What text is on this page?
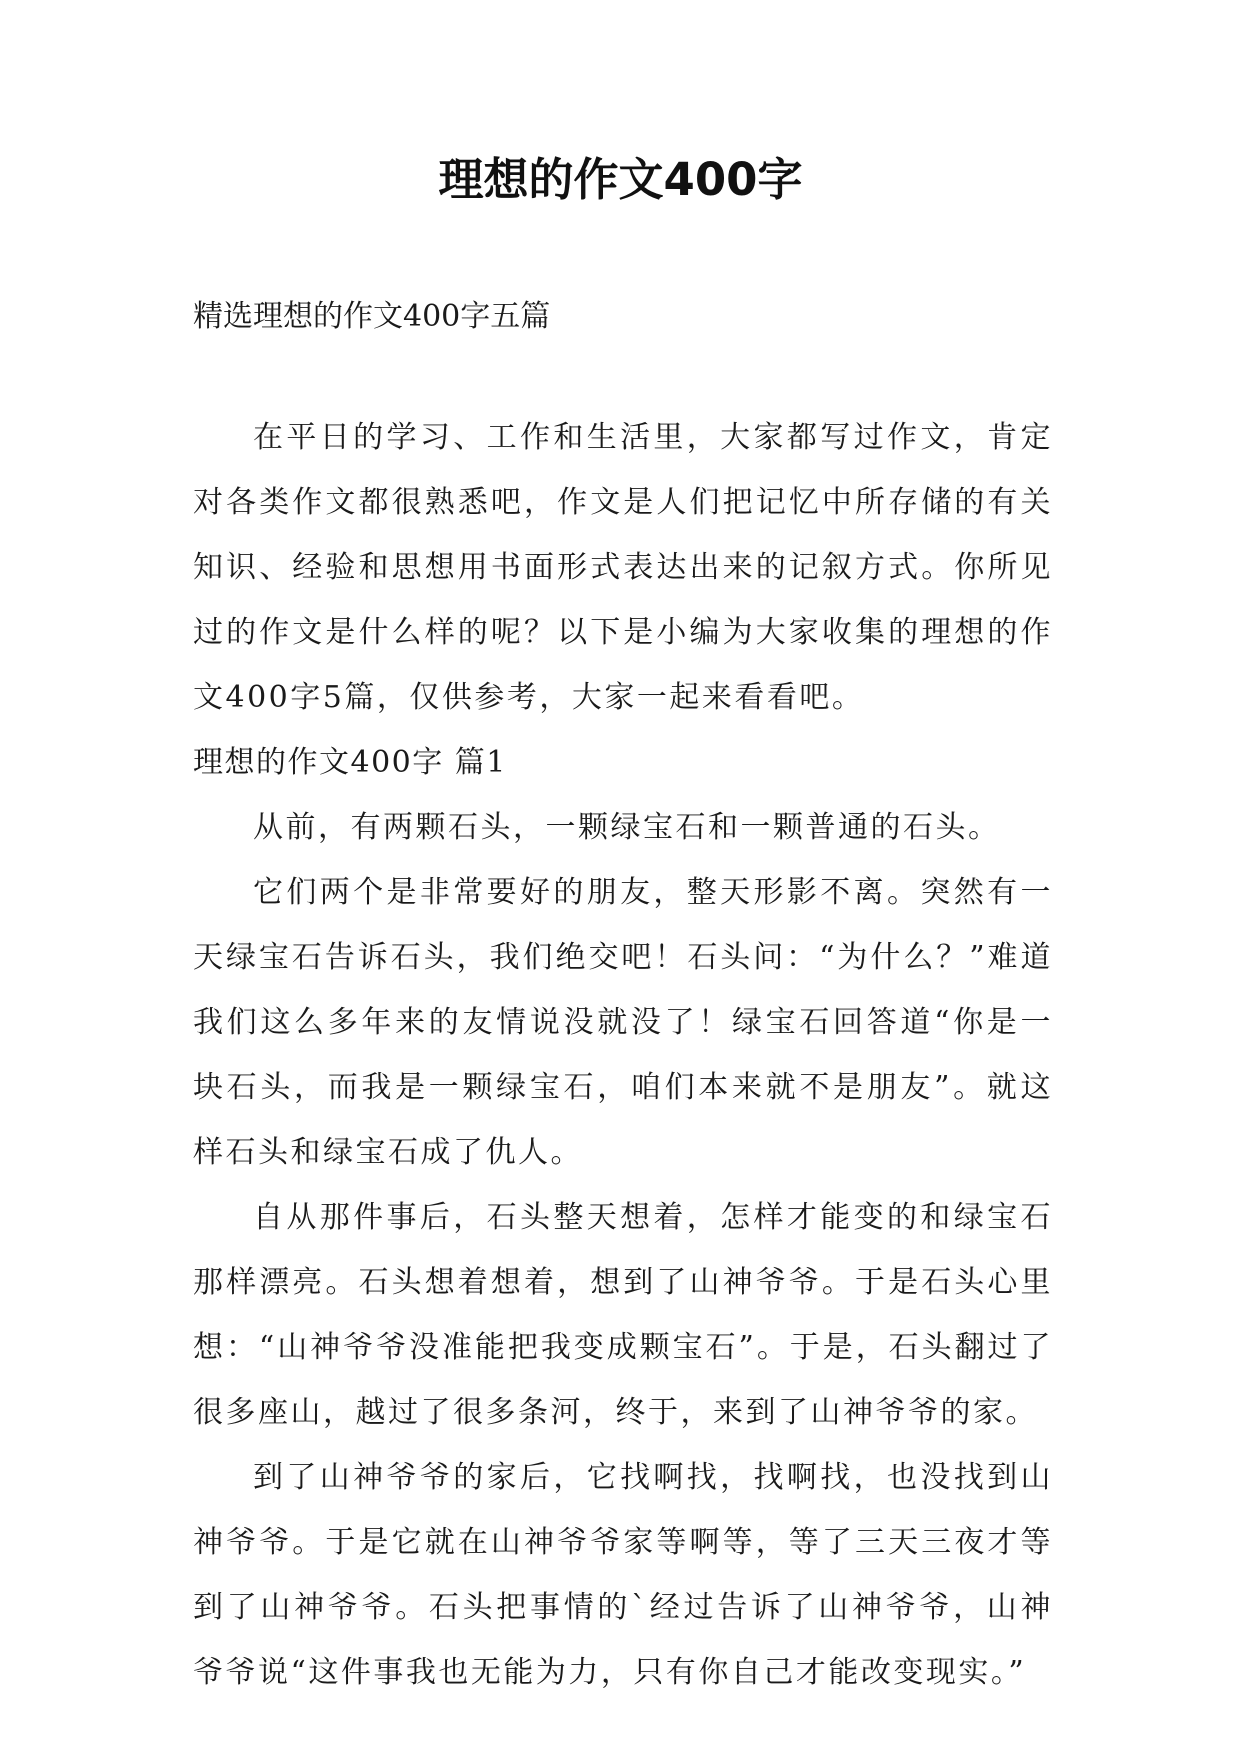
理想的作文400字

精选理想的作文400字五篇

在平日的学习、工作和生活里，大家都写过作文，肯定对各类作文都很熟悉吧，作文是人们把记忆中所存储的有关知识、经验和思想用书面形式表达出来的记叙方式。你所见过的作文是什么样的呢？以下是小编为大家收集的理想的作文400字5篇，仅供参考，大家一起来看看吧。

理想的作文400字 篇1

从前，有两颗石头，一颗绿宝石和一颗普通的石头。

它们两个是非常要好的朋友，整天形影不离。突然有一天绿宝石告诉石头，我们绝交吧！石头问：“为什么？”难道我们这么多年来的友情说没就没了！绿宝石回答道“你是一块石头，而我是一颗绿宝石，咱们本来就不是朋友”。就这样石头和绿宝石成了仇人。

自从那件事后，石头整天想着，怎样才能变的和绿宝石那样漂亮。石头想着想着，想到了山神爷爷。于是石头心里想：“山神爷爷没准能把我变成颗宝石”。于是，石头翻过了很多座山，越过了很多条河，终于，来到了山神爷爷的家。

到了山神爷爷的家后，它找啊找，找啊找，也没找到山神爷爷。于是它就在山神爷爷家等啊等，等了三天三夜才等到了山神爷爷。石头把事情的`经过告诉了山神爷爷，山神爷爷说“这件事我也无能为力，只有你自己才能改变现实。”
